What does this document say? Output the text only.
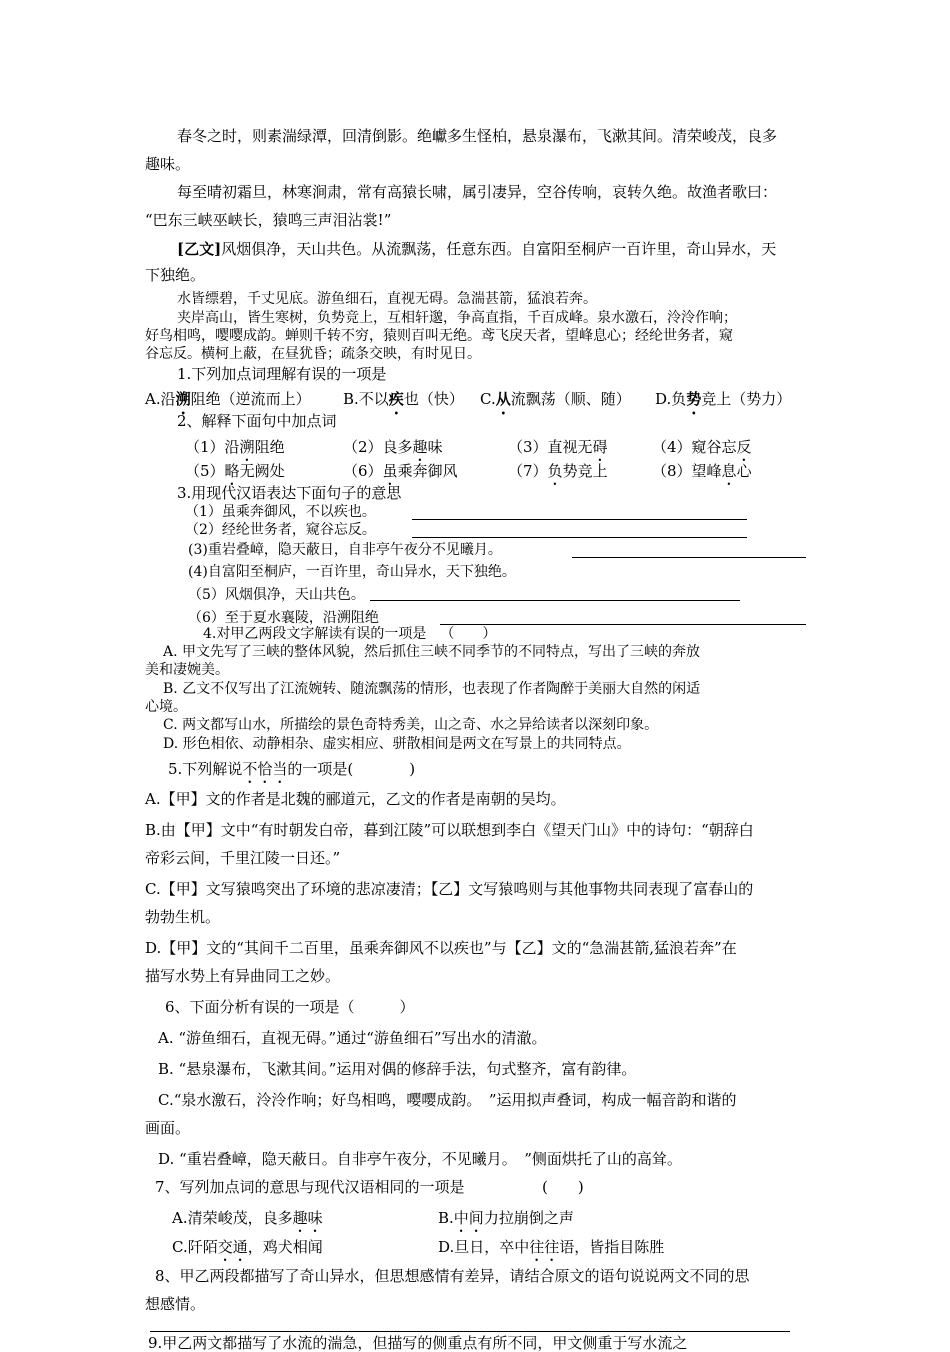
春冬之时，则素湍绿潭，回清倒影。绝巘多生怪柏，悬泉瀑布，飞漱其间。清荣峻茂，良多
趣味。
每至晴初霜旦，林寒涧肃，常有高猿长啸，属引凄异，空谷传响，哀转久绝。故渔者歌曰：
“巴东三峡巫峡长，猿鸣三声泪沾裳!”
[乙文]风烟俱净，天山共色。从流飘荡，任意东西。自富阳至桐庐一百许里，奇山异水，天
下独绝。
水皆缥碧，千丈见底。游鱼细石，直视无碍。急湍甚箭，猛浪若奔。
夹岸高山，皆生寒树，负势竞上，互相轩邈，争高直指，千百成峰。泉水激石，泠泠作响；
好鸟相鸣，嘤嘤成韵。蝉则千转不穷，猿则百叫无绝。鸢飞戾天者，望峰息心；经纶世务者，窥
谷忘反。横柯上蔽，在昼犹昏；疏条交映，有时见日。
1.下列加点词理解有误的一项是
A.沿溯阻绝（逆流而上） B.不以疾也（快） C.从流飘荡（顺、随） D.负势竞上（势力）
2、解释下面句中加点词
（1）沿溯阻绝	（2）良多趣味	（3）直视无碍	（4）窥谷忘反
（5）略无阙处	（6）虽乘奔御风	（7）负势竞上	（8）望峰息心
3.用现代汉语表达下面句子的意思
（1）虽乘奔御风，不以疾也。
（2）经纶世务者，窥谷忘反。
(3)重岩叠嶂，隐天蔽日，自非亭午夜分不见曦月。
(4)自富阳至桐庐，一百许里，奇山异水，天下独绝。
（5）风烟俱净，天山共色。
（6）至于夏水襄陵，沿溯阻绝
4.对甲乙两段文字解读有误的一项是 （　　）
A. 甲文先写了三峡的整体风貌，然后抓住三峡不同季节的不同特点，写出了三峡的奔放
美和凄婉美。
B. 乙文不仅写出了江流婉转、随流飘荡的情形，也表现了作者陶醉于美丽大自然的闲适
心境。
C. 两文都写山水，所描绘的景色奇特秀美，山之奇、水之异给读者以深刻印象。
D. 形色相依、动静相杂、虚实相应、骈散相间是两文在写景上的共同特点。
5.下列解说不恰当的一项是(	)
A.【甲】文的作者是北魏的郦道元，乙文的作者是南朝的吴均。
B.由【甲】文中“有时朝发白帝，暮到江陵”可以联想到李白《望天门山》中的诗句：“朝辞白
帝彩云间，千里江陵一日还。”
C.【甲】文写猿鸣突出了环境的悲凉凄清；【乙】文写猿鸣则与其他事物共同表现了富春山的
勃勃生机。
D.【甲】文的“其间千二百里，虽乘奔御风不以疾也”与【乙】文的“急湍甚箭,猛浪若奔”在
描写水势上有异曲同工之妙。
6、下面分析有误的一项是（　　　）
A. “游鱼细石，直视无碍。”通过“游鱼细石”写出水的清澈。
B. “悬泉瀑布，飞漱其间。”运用对偶的修辞手法，句式整齐，富有韵律。
C.“泉水激石，泠泠作响；好鸟相鸣，嘤嘤成韵。　”运用拟声叠词，构成一幅音韵和谐的
画面。
D. “重岩叠嶂，隐天蔽日。自非亭午夜分，不见曦月。　”侧面烘托了山的高耸。
7、写列加点词的意思与现代汉语相同的一项是	(　　)
A.清荣峻茂，良多趣味	B.中间力拉崩倒之声
C.阡陌交通，鸡犬相闻	D.旦日，卒中往往语，皆指目陈胜
8、甲乙两段都描写了奇山异水，但思想感情有差异，请结合原文的语句说说两文不同的思
想感情。
9.甲乙两文都描写了水流的湍急，但描写的侧重点有所不同，甲文侧重于写水流之
